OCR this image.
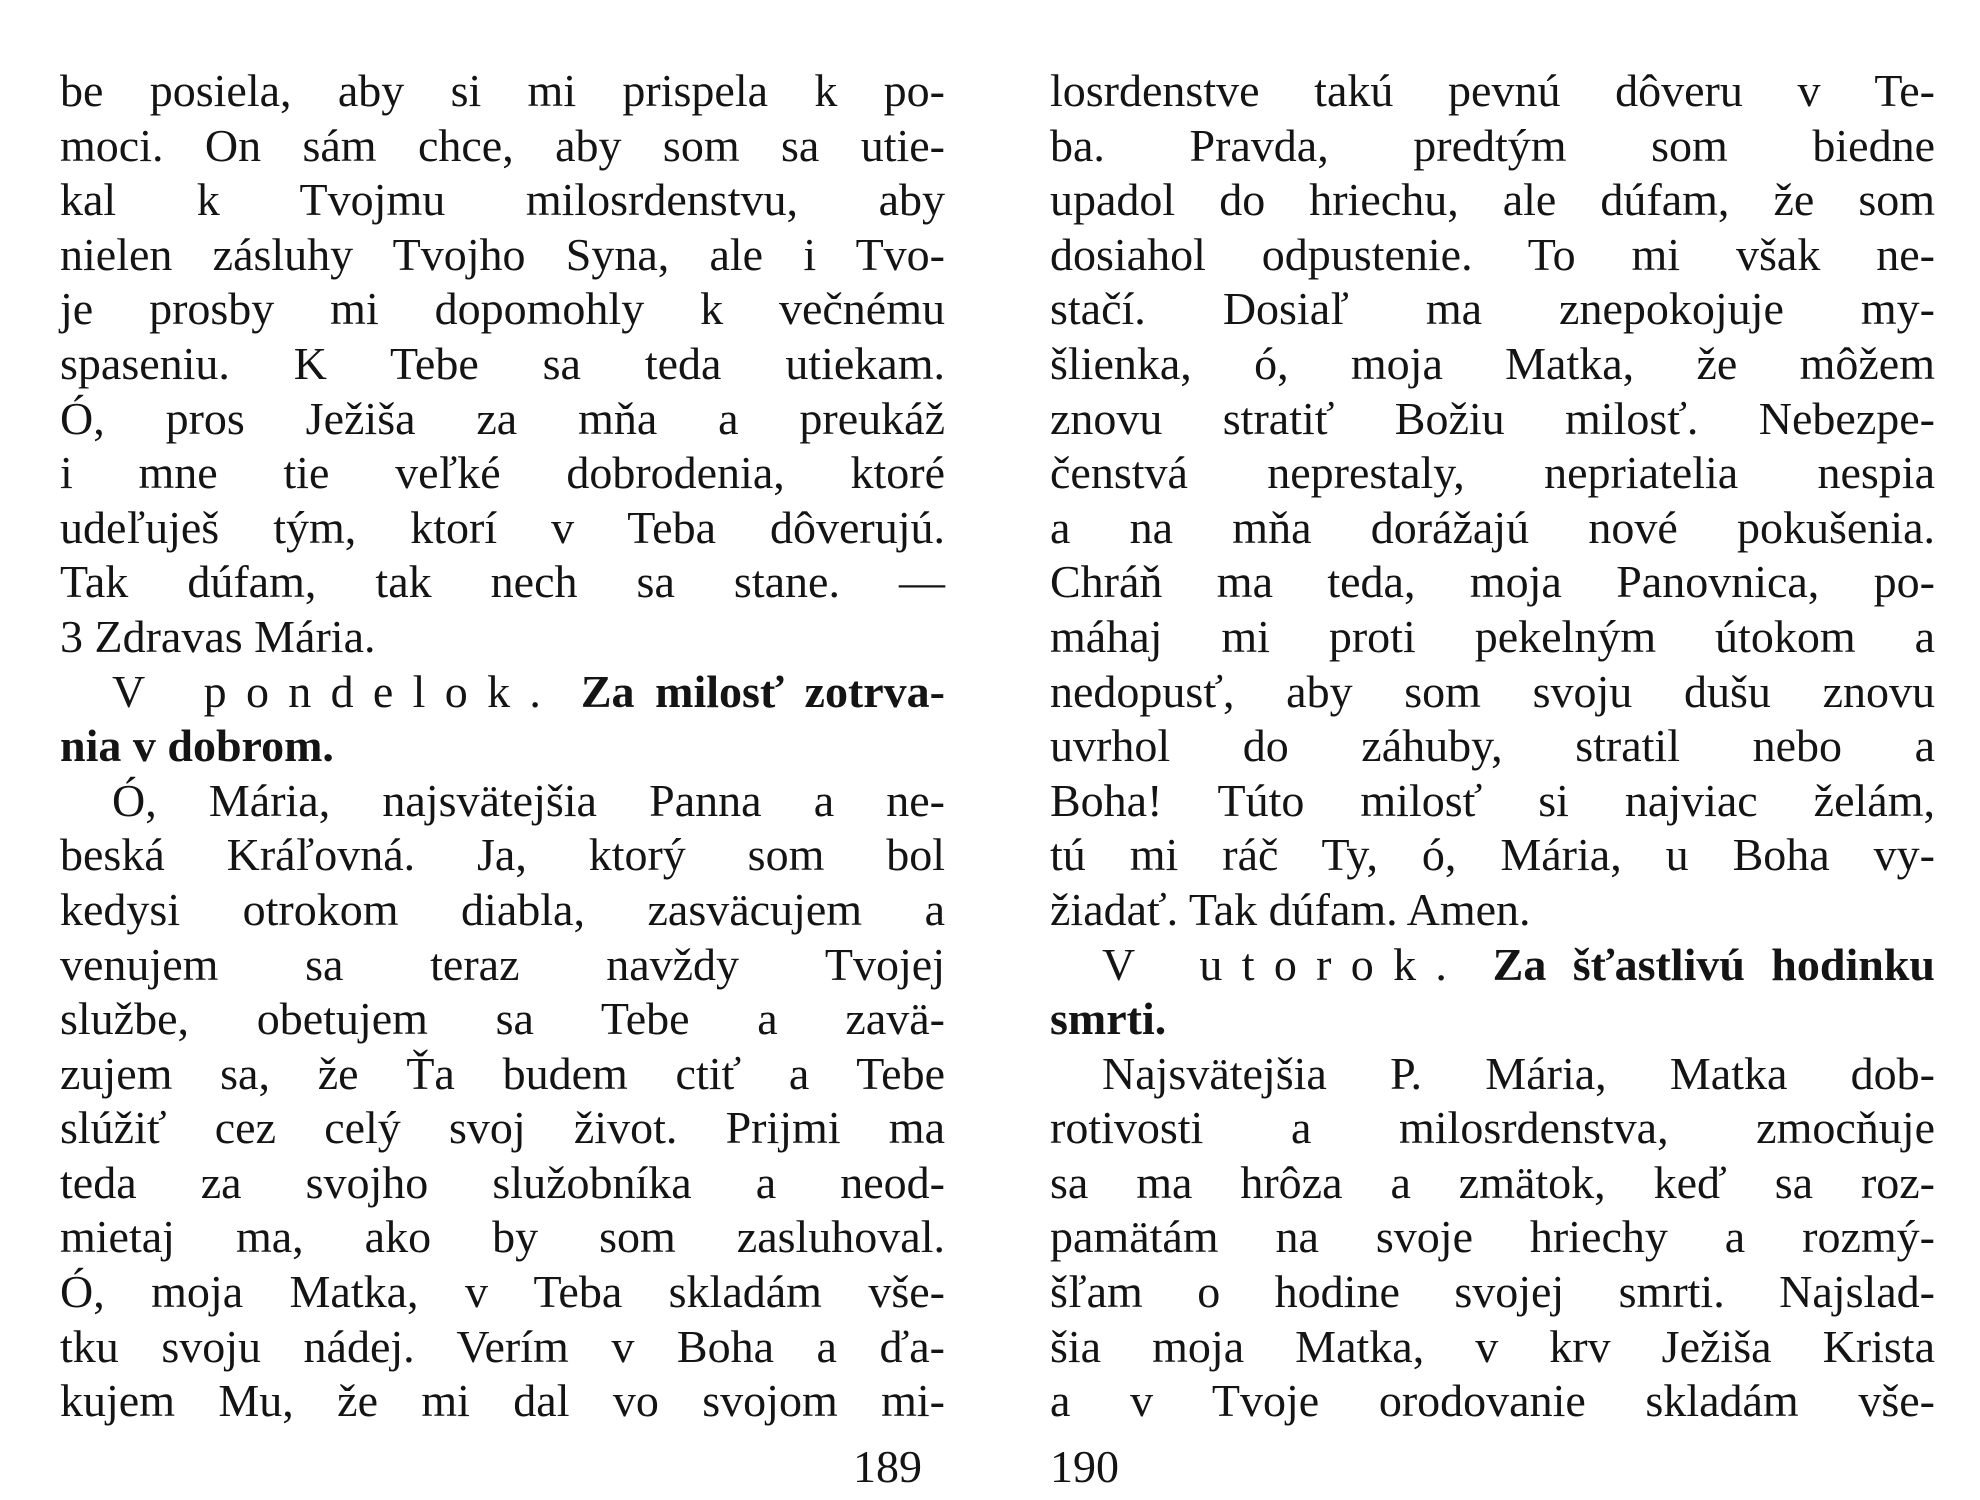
be posiela, aby si mi prispela k po-
moci. On sám chce, aby som sa utie-
kal k Tvojmu milosrdenstvu, aby
nielen zásluhy Tvojho Syna, ale i Tvo-
je prosby mi dopomohly k večnému
spaseniu. K Tebe sa teda utiekam.
Ó, pros Ježiša za mňa a preukáž
i mne tie veľké dobrodenia, ktoré
udeľuješ tým, ktorí v Teba dôverujú.
Tak dúfam, tak nech sa stane. —
3 Zdravas Mária.
V pondelok. Za milosť zotrva-
nia v dobrom.
Ó, Mária, najsvätejšia Panna a ne-
beská Kráľovná. Ja, ktorý som bol
kedysi otrokom diabla, zasväcujem a
venujem sa teraz navždy Tvojej
službe, obetujem sa Tebe a zavä-
zujem sa, že Ťa budem ctiť a Tebe
slúžiť cez celý svoj život. Prijmi ma
teda za svojho služobníka a neod-
mietaj ma, ako by som zasluhoval.
Ó, moja Matka, v Teba skladám vše-
tku svoju nádej. Verím v Boha a ďa-
kujem Mu, že mi dal vo svojom mi-
189
losrdenstve takú pevnú dôveru v Te-
ba. Pravda, predtým som biedne
upadol do hriechu, ale dúfam, že som
dosiahol odpustenie. To mi však ne-
stačí. Dosiaľ ma znepokojuje my-
šlienka, ó, moja Matka, že môžem
znovu stratiť Božiu milosť. Nebezpe-
čenstvá neprestaly, nepriatelia nespia
a na mňa dorážajú nové pokušenia.
Chráň ma teda, moja Panovnica, po-
máhaj mi proti pekelným útokom a
nedopusť, aby som svoju dušu znovu
uvrhol do záhuby, stratil nebo a
Boha! Túto milosť si najviac želám,
tú mi ráč Ty, ó, Mária, u Boha vy-
žiadať. Tak dúfam. Amen.
V utorok. Za šťastlivú hodinku
smrti.
Najsvätejšia P. Mária, Matka dob-
rotivosti a milosrdenstva, zmocňuje
sa ma hrôza a zmätok, keď sa roz-
pamätám na svoje hriechy a rozmý-
šľam o hodine svojej smrti. Najslad-
šia moja Matka, v krv Ježiša Krista
a v Tvoje orodovanie skladám vše-
190
